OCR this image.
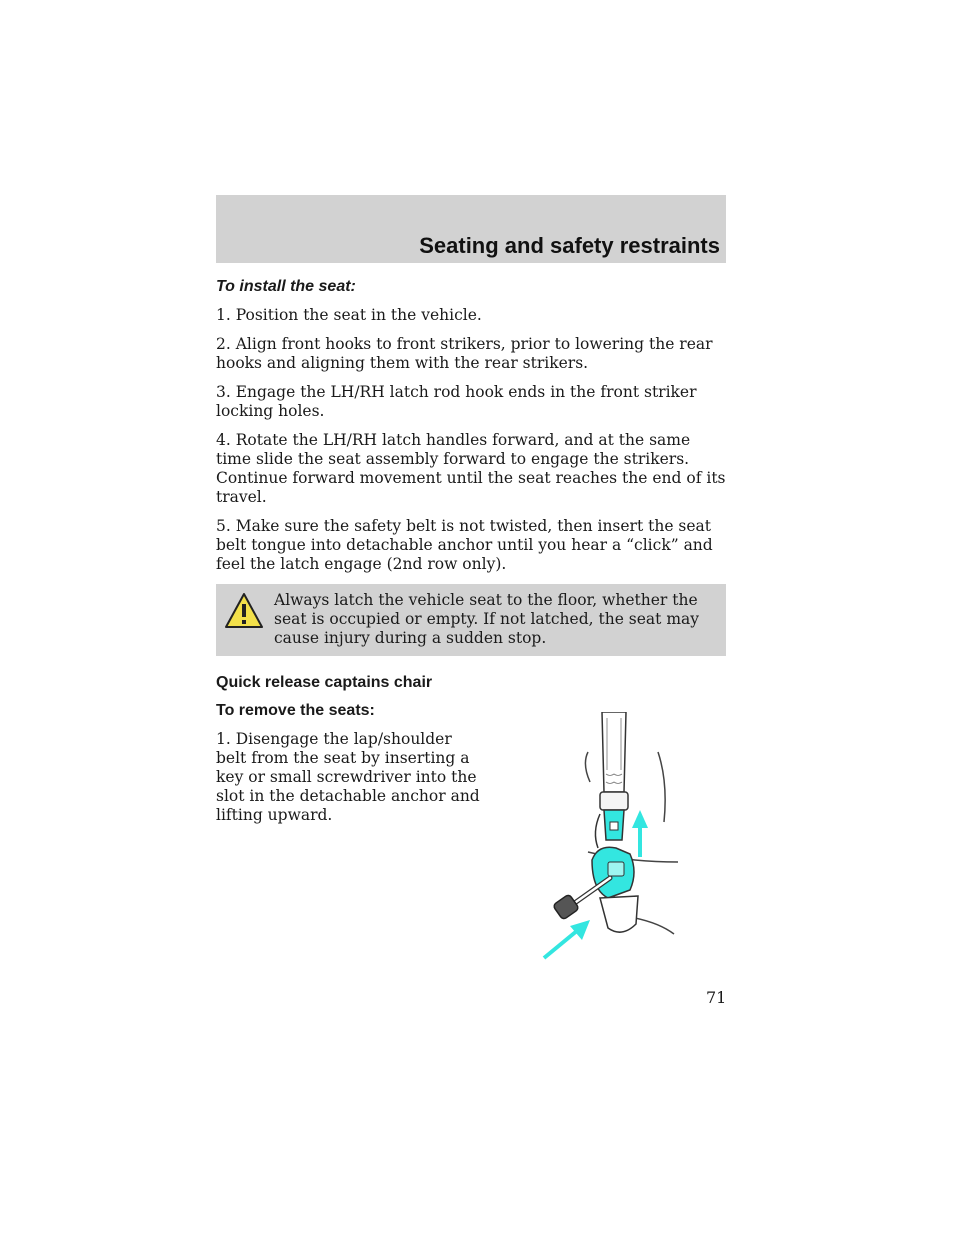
Seating and safety restraints

To install the seat:

1. Position the seat in the vehicle.

2. Align front hooks to front strikers, prior to lowering the rear hooks and aligning them with the rear strikers.

3. Engage the LH/RH latch rod hook ends in the front striker locking holes.

4. Rotate the LH/RH latch handles forward, and at the same time slide the seat assembly forward to engage the strikers. Continue forward movement until the seat reaches the end of its travel.

5. Make sure the safety belt is not twisted, then insert the seat belt tongue into detachable anchor until you hear a “click” and feel the latch engage (2nd row only).

Always latch the vehicle seat to the floor, whether the seat is occupied or empty. If not latched, the seat may cause injury during a sudden stop.

Quick release captains chair

To remove the seats:

1. Disengage the lap/shoulder belt from the seat by inserting a key or small screwdriver into the slot in the detachable anchor and lifting upward.

71
